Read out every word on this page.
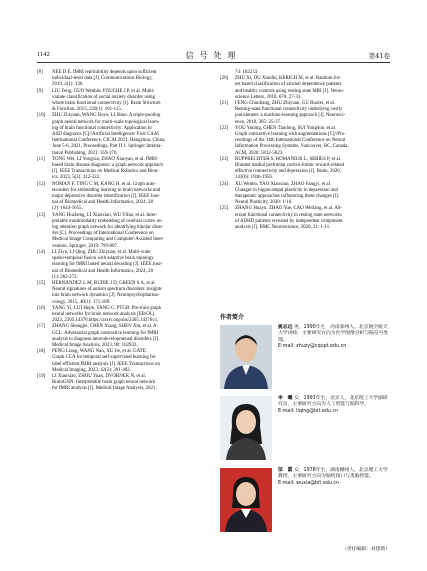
1142	信号处理	第41卷
[8]	NEE D E. fMRI replicability depends upon sufficient
individual-level data [J]. Communications Biology,
2019, 2(1): 130.
[9]	LIU Feng, GUO Wenbin, FOUCHE J P, et al. Multi-
variate classification of social anxiety disorder using
whole brain functional connectivity [J]. Brain Structure
& Function, 2015, 220(1): 101-115.
[10]	ZHU Zhiyuan, WANG Boyu, LI Shuo. A triple-pooling
graph neural network for multi-scale topological learn-
ing of brain functional connectivity: Application to
ASD diagnosis [C]//Artificial Intelligence: First CAAI
International Conference, CICAI 2021, Hangzhou, China,
June 5-6, 2021, Proceedings, Part II 1. Springer Interna-
tional Publishing, 2021: 359-370.
[11]	TONG Wei, LI Yongxia, ZHAO Xiaoyan, et al. fMRI-
based brain disease diagnosis: a graph network approach
[J]. IEEE Transactions on Medical Robotics and Bion-
ics, 2023, 5(2): 312-322.
[12]	NOMAN F, TING C M, KANG H, et al. Graph auto-
encoders for embedding learning in brain networks and
major depressive disorder identification [J]. IEEE Jour-
nal of Biomedical and Health Informatics, 2024, 28
(3): 1644-1655.
[13]	YANG Huzheng, LI Xiaoxiao, WU Yifan, et al. Inter-
pretable multimodality embedding of cerebral cortex us-
ing attention graph network for identifying bipolar disor-
der [C]. Proceedings of International Conference on
Medical Image Computing and Computer-Assisted Inter-
vention. Springer, 2019: 799-807.
[14]	LI Ziyu, LI Qing, ZHU Zhiyuan, et al. Multi-scale
spatio-temporal fusion with adaptive brain topology
learning for fMRI based neural decoding [J]. IEEE Jour-
nal of Biomedical and Health Informatics, 2024, 28
(1): 262-272.
[15]	HERNANDEZ L M, RUDIE J D, GREEN S A, et al.
Neural signatures of autism spectrum disorders: insights
into brain network dynamics [J]. Neuropsychopharma-
cology, 2015, 40(1): 171-189.
[16]	YANG Yi, CUI Hejie, YANG C. PTGB: Pre-train graph
neural networks for brain network analysis [EB/OL].
2023; 2305.14376.https://arxiv.org/abs/2305.14376v1.
[17]	ZHANG Shengjie, CHEN Xiang, SHEN Xin, et al. A-
GCL: Adversarial graph contrastive learning for fMRI
analysis to diagnose neurodevelopmental disorders [J].
Medical Image Analysis, 2023, 90: 102932.
[18]	PENG Liang, WANG Nan, XU Jie, et al. GATE:
Graph CCA for temporal self-supervised learning for
label-efficient fMRI analysis [J]. IEEE Transactions on
Medical Imaging, 2023, 42(2): 391-402.
[19]	LI Xiaoxiao, ZHOU Yuan, DVORNEK N, et al.
BrainGNN: Interpretable brain graph neural network
for fMRI analysis [J]. Medical Image Analysis, 2021,
74: 102233.
[20]	ZHU Xi, DU Xiaofei, KERICH M, et al. Random for-
est based classification of alcohol dependence patients
and healthy controls using resting state MRI [J]. Neuro-
science Letters, 2018, 676: 27-33.
[21]	FENG Chunliang, ZHU Zhiyuan, GU Ruolei, et al.
Resting-state functional connectivity underlying costly
punishment: a machine-learning approach [J]. Neurosci-
ence, 2018, 385: 25-37.
[22]	YOU Yuning, CHEN Tianlong, SUI Yongduo, et al.
Graph contrastive learning with augmentations [C]//Pro-
ceedings of the 34th International Conference on Neural
Information Processing Systems. Vancouver, BC, Canada.
ACM, 2020: 5812-5823.
[23]	RUPPRECHTER S, ROMANIUK L, SERIES P, et al.
Blunted medial prefrontal cortico-limbic reward-related
effective connectivity and depression [J]. Brain, 2020,
143(6): 1946-1956.
[24]	XU Wenbo, YAO Xiaoxiao, ZHAO Fangyi, et al.
Changes in hippocampal plasticity in depression and
therapeutic approaches influencing these changes [J].
Neural Plasticity, 2020: 1-16.
[25]	ZHANG Huayu, ZHAO Yue, CAO Weifang, et al. Ab-
errant functional connectivity in resting state networks
of ADHD patients revealed by independent component
analysis [J]. BMC Neuroscience, 2020, 21: 1-11.
作者简介
姚志远 男，1990年生，河南郑州人。北京航空航天大学讲师，主要研究方向为医学图像分析与脑信号处理。
E-mail: zhuzy@cqupt.edu.cn
李　曦 女，1993年生，北京人，北京理工大学副研究员，主要研究方向为人工智能与脑科学。
E-mail: liqing@bit.edu.cn
邬　霞 女，1978年生，湖南郴州人，北京理工大学教授，主要研究方向为脑机接口与类脑智能。
E-mail: wuxia@bit.edu.cn
（责任编辑：刘建新）
